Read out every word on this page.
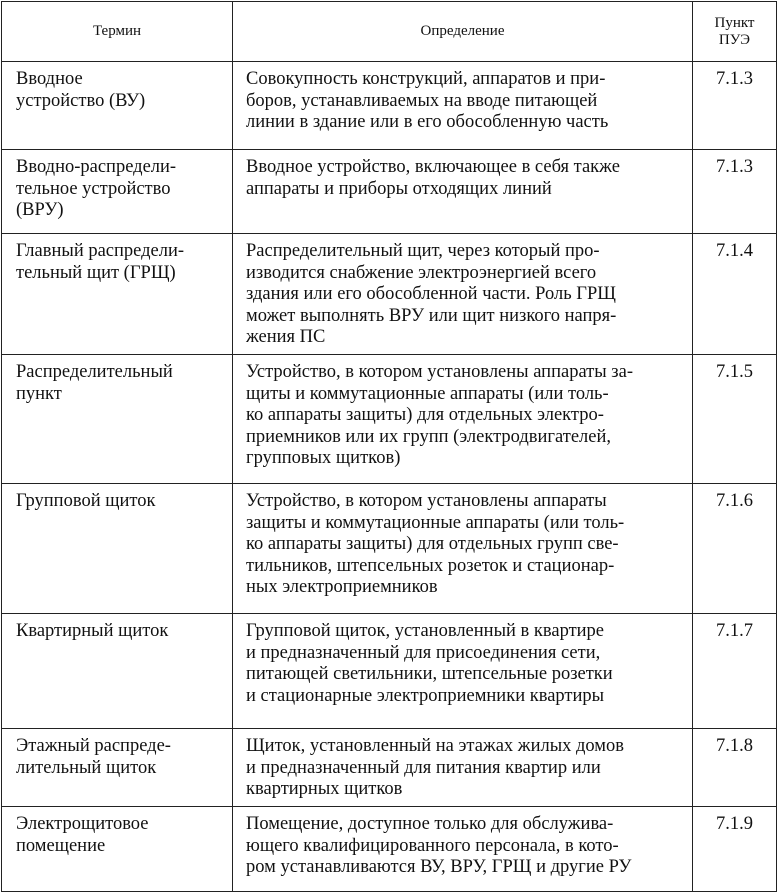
Термин	Определение	Пункт
ПУЭ

Вводное
устройство (ВУ)	Совокупность конструкций, аппаратов и при-
боров, устанавливаемых на вводе питающей
линии в здание или в его обособленную часть	7.1.3

Вводно-распредели-
тельное устройство
(ВРУ)	Вводное устройство, включающее в себя также
аппараты и приборы отходящих линий	7.1.3

Главный распредели-
тельный щит (ГРЩ)	Распределительный щит, через который про-
изводится снабжение электроэнергией всего
здания или его обособленной части. Роль ГРЩ
может выполнять ВРУ или щит низкого напря-
жения ПС	7.1.4

Распределительный
пункт	Устройство, в котором установлены аппараты за-
щиты и коммутационные аппараты (или толь-
ко аппараты защиты) для отдельных электро-
приемников или их групп (электродвигателей,
групповых щитков)	7.1.5

Групповой щиток	Устройство, в котором установлены аппараты
защиты и коммутационные аппараты (или толь-
ко аппараты защиты) для отдельных групп све-
тильников, штепсельных розеток и стационар-
ных электроприемников	7.1.6

Квартирный щиток	Групповой щиток, установленный в квартире
и предназначенный для присоединения сети,
питающей светильники, штепсельные розетки
и стационарные электроприемники квартиры	7.1.7

Этажный распреде-
лительный щиток	Щиток, установленный на этажах жилых домов
и предназначенный для питания квартир или
квартирных щитков	7.1.8

Электрощитовое
помещение	Помещение, доступное только для обслужива-
ющего квалифицированного персонала, в кото-
ром устанавливаются ВУ, ВРУ, ГРЩ и другие РУ	7.1.9
